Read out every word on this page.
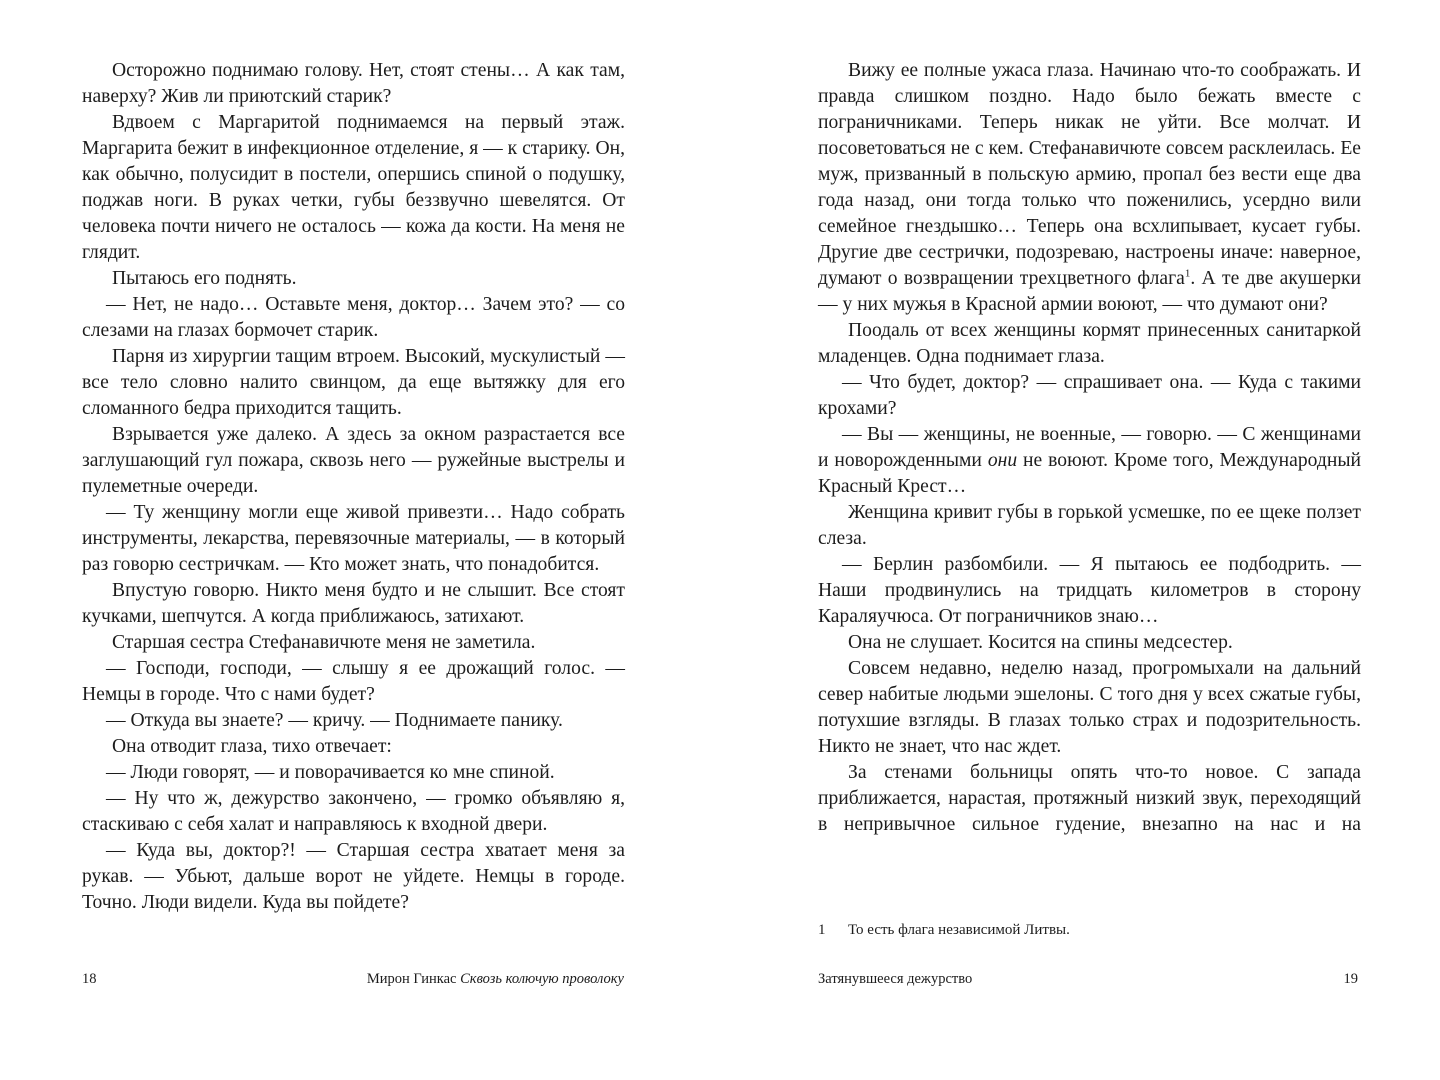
Осторожно поднимаю голову. Нет, стоят стены… А как там, наверху? Жив ли приютский старик?

Вдвоем с Маргаритой поднимаемся на первый этаж. Маргарита бежит в инфекционное отделение, я — к старику. Он, как обычно, полусидит в постели, опершись спиной о подушку, поджав ноги. В руках четки, губы беззвучно шевелятся. От человека почти ничего не осталось — кожа да кости. На меня не глядит.

Пытаюсь его поднять.

— Нет, не надо… Оставьте меня, доктор… Зачем это? — со слезами на глазах бормочет старик.

Парня из хирургии тащим втроем. Высокий, мускулистый — все тело словно налито свинцом, да еще вытяжку для его сломанного бедра приходится тащить.

Взрывается уже далеко. А здесь за окном разрастается все заглушающий гул пожара, сквозь него — ружейные выстрелы и пулеметные очереди.

— Ту женщину могли еще живой привезти… Надо собрать инструменты, лекарства, перевязочные материалы, — в который раз говорю сестричкам. — Кто может знать, что понадобится.

Впустую говорю. Никто меня будто и не слышит. Все стоят кучками, шепчутся. А когда приближаюсь, затихают.

Старшая сестра Стефанавичюте меня не заметила.

— Господи, господи, — слышу я ее дрожащий голос. — Немцы в городе. Что с нами будет?

— Откуда вы знаете? — кричу. — Поднимаете панику.

Она отводит глаза, тихо отвечает:

— Люди говорят, — и поворачивается ко мне спиной.

— Ну что ж, дежурство закончено, — громко объявляю я, стаскиваю с себя халат и направляюсь к входной двери.

— Куда вы, доктор?! — Старшая сестра хватает меня за рукав. — Убьют, дальше ворот не уйдете. Немцы в городе. Точно. Люди видели. Куда вы пойдете?

18	Мирон Гинкас Сквозь колючую проволоку

Вижу ее полные ужаса глаза. Начинаю что-то соображать. И правда слишком поздно. Надо было бежать вместе с пограничниками. Теперь никак не уйти. Все молчат. И посоветоваться не с кем. Стефанавичюте совсем расклеилась. Ее муж, призванный в польскую армию, пропал без вести еще два года назад, они тогда только что поженились, усердно вили семейное гнездышко… Теперь она всхлипывает, кусает губы. Другие две сестрички, подозреваю, настроены иначе: наверное, думают о возвращении трехцветного флага$^1$. А те две акушерки — у них мужья в Красной армии воюют, — что думают они?

Поодаль от всех женщины кормят принесенных санитаркой младенцев. Одна поднимает глаза.

— Что будет, доктор? — спрашивает она. — Куда с такими крохами?

— Вы — женщины, не военные, — говорю. — С женщинами и новорожденными они не воюют. Кроме того, Международный Красный Крест…

Женщина кривит губы в горькой усмешке, по ее щеке ползет слеза.

— Берлин разбомбили. — Я пытаюсь ее подбодрить. — Наши продвинулись на тридцать километров в сторону Караляучюса. От пограничников знаю…

Она не слушает. Косится на спины медсестер.

Совсем недавно, неделю назад, прогромыхали на дальний север набитые людьми эшелоны. С того дня у всех сжатые губы, потухшие взгляды. В глазах только страх и подозрительность. Никто не знает, что нас ждет.

За стенами больницы опять что-то новое. С запада приближается, нарастая, протяжный низкий звук, переходящий в непривычное сильное гудение, внезапно на нас и на

1 То есть флага независимой Литвы.
Затянувшееся дежурство	19
